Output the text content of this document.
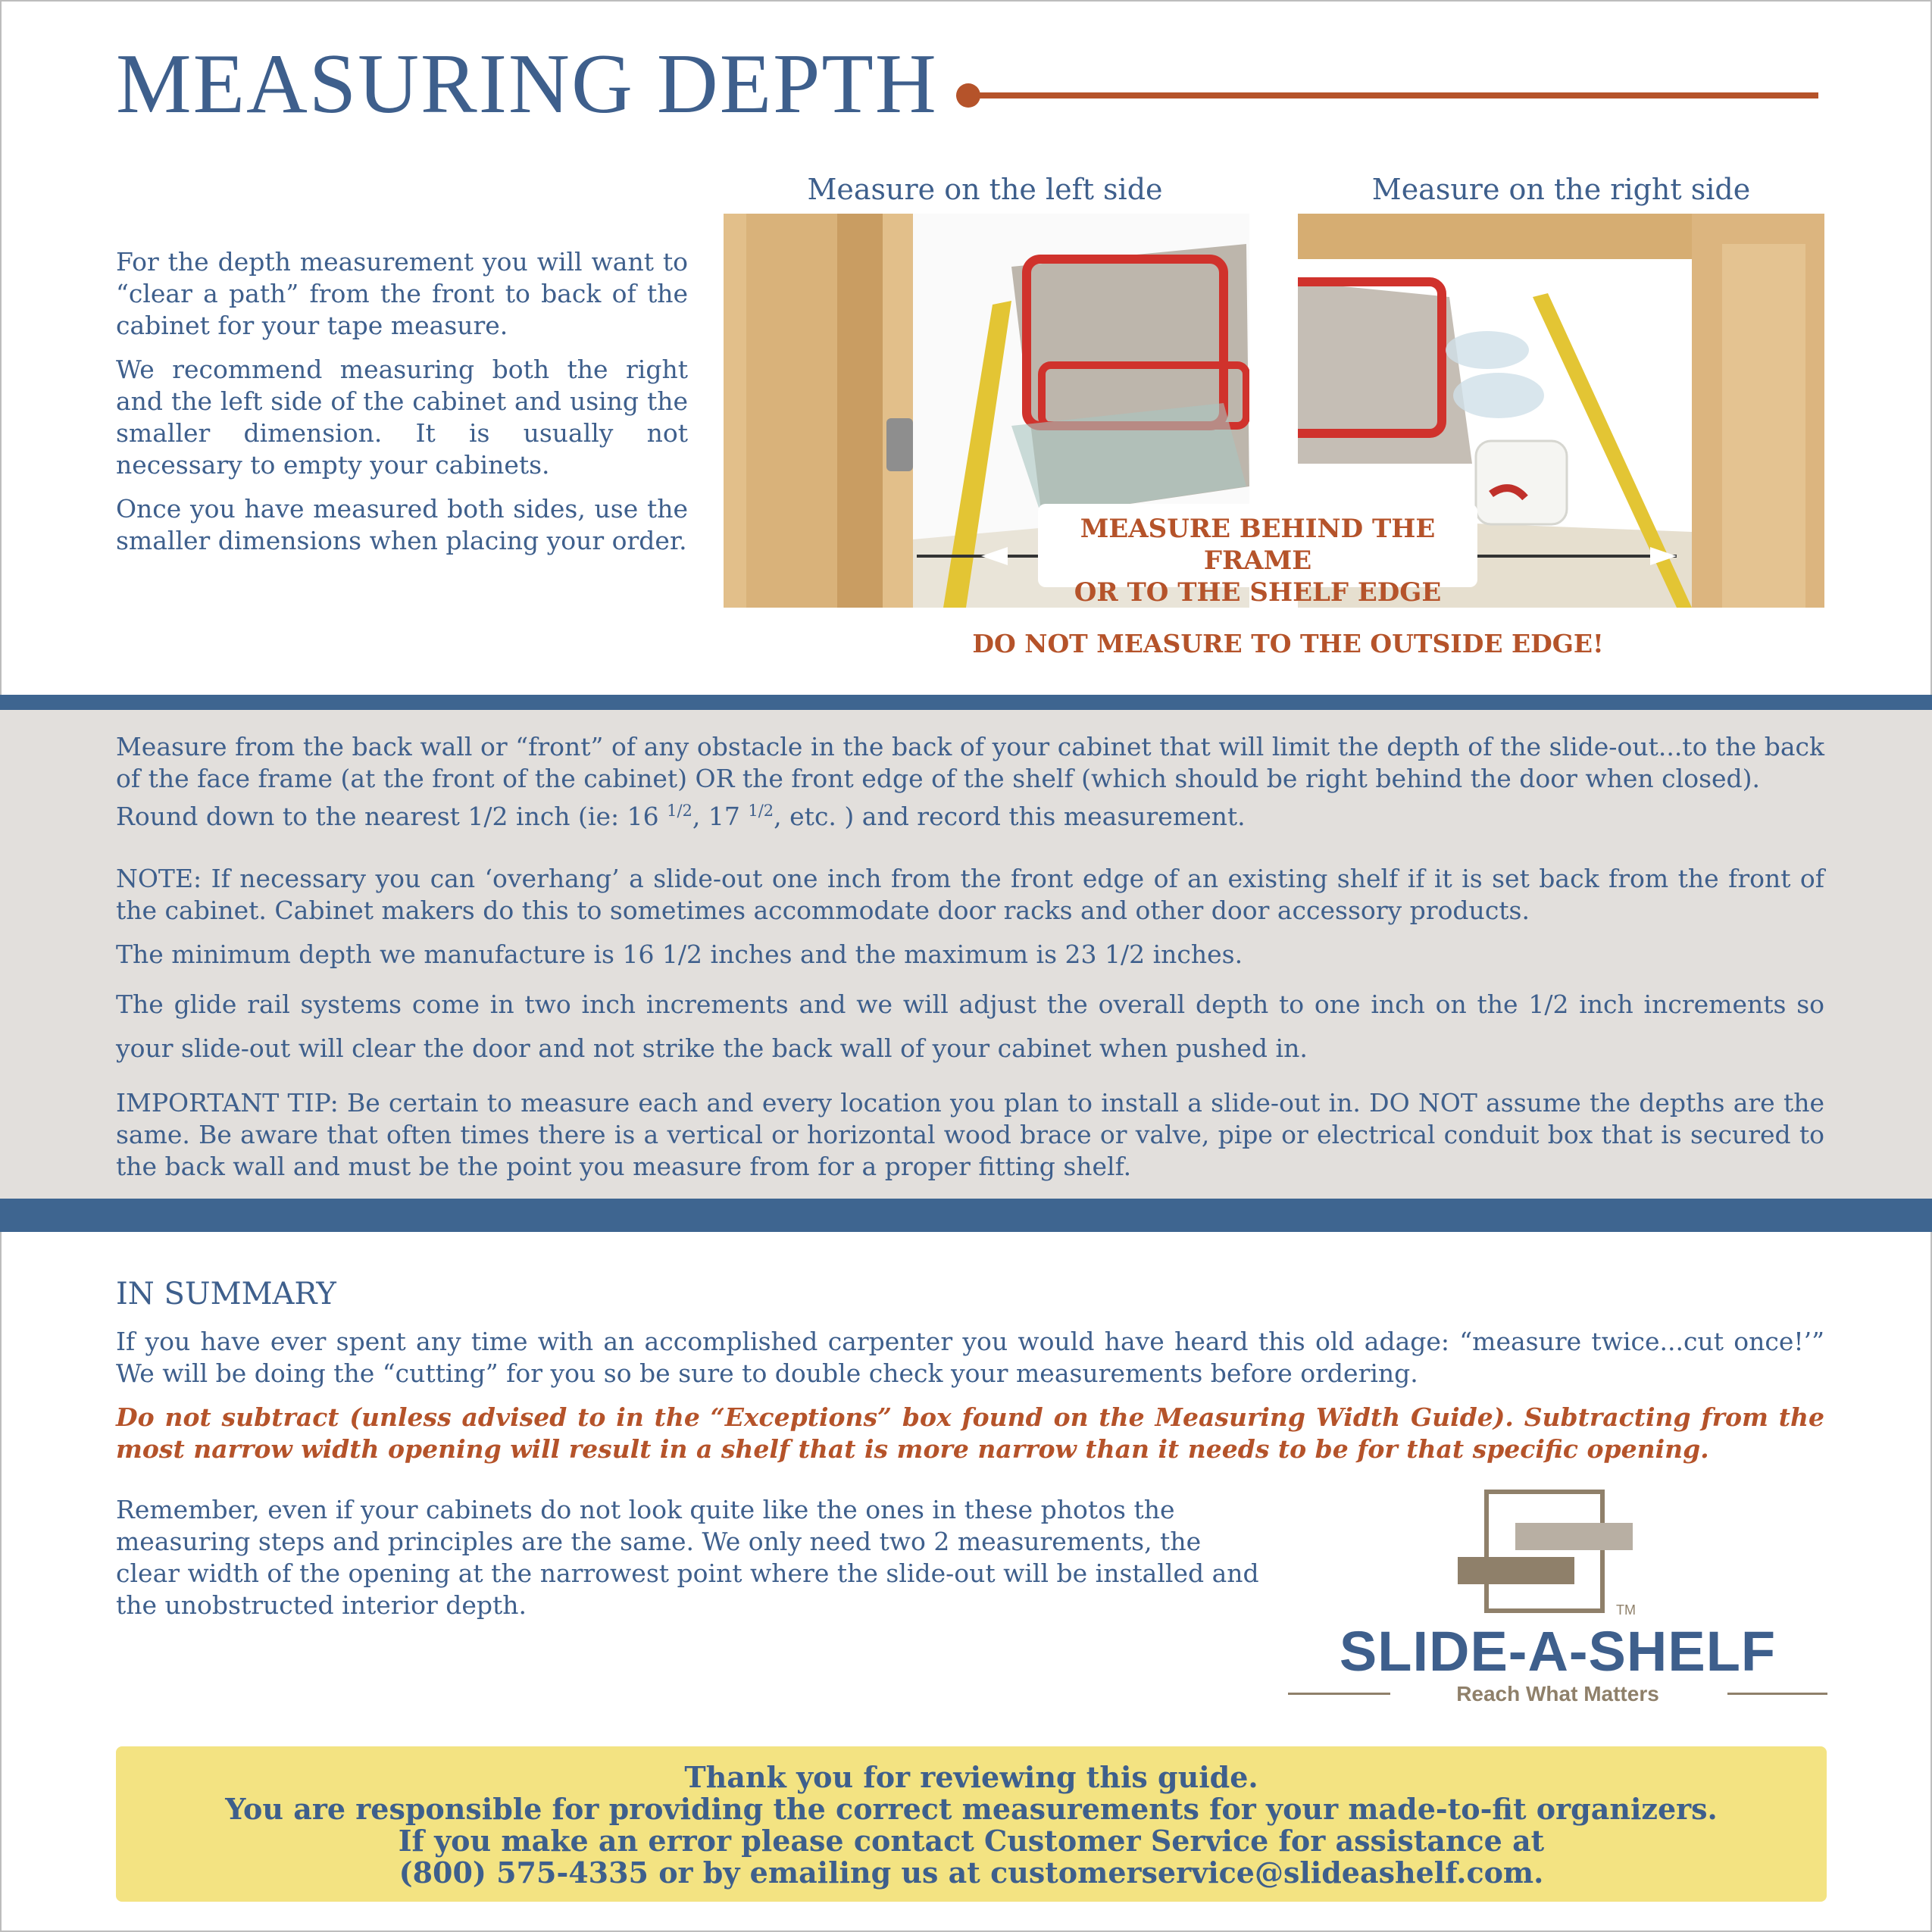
MEASURING DEPTH

For the depth measurement you will want to “clear a path” from the front to back of the cabinet for your tape measure.

We recommend measuring both the right and the left side of the cabinet and using the smaller dimension. It is usually not necessary to empty your cabinets.

Once you have measured both sides, use the smaller dimensions when placing your order.

Measure on the left side	Measure on the right side
MEASURE BEHIND THE FRAME
OR TO THE SHELF EDGE
DO NOT MEASURE TO THE OUTSIDE EDGE!

Measure from the back wall or “front” of any obstacle in the back of your cabinet that will limit the depth of the slide-out...to the back of the face frame (at the front of the cabinet) OR the front edge of the shelf (which should be right behind the door when closed).

Round down to the nearest 1/2 inch (ie: 16 $^{1/2}$, 17 $^{1/2}$, etc. ) and record this measurement.

NOTE: If necessary you can ‘overhang’ a slide-out one inch from the front edge of an existing shelf if it is set back from the front of the cabinet. Cabinet makers do this to sometimes accommodate door racks and other door accessory products.

The minimum depth we manufacture is 16 1/2 inches and the maximum is 23 1/2 inches.

The glide rail systems come in two inch increments and we will adjust the overall depth to one inch on the 1/2 inch increments so your slide-out will clear the door and not strike the back wall of your cabinet when pushed in.

IMPORTANT TIP: Be certain to measure each and every location you plan to install a slide-out in. DO NOT assume the depths are the same. Be aware that often times there is a vertical or horizontal wood brace or valve, pipe or electrical conduit box that is secured to the back wall and must be the point you measure from for a proper fitting shelf.

IN SUMMARY

If you have ever spent any time with an accomplished carpenter you would have heard this old adage: “measure twice...cut once!’” We will be doing the “cutting” for you so be sure to double check your measurements before ordering.

Do not subtract (unless advised to in the “Exceptions” box found on the Measuring Width Guide). Subtracting from the most narrow width opening will result in a shelf that is more narrow than it needs to be for that specific opening.

Remember, even if your cabinets do not look quite like the ones in these photos the measuring steps and principles are the same. We only need two 2 measurements, the clear width of the opening at the narrowest point where the slide-out will be installed and the unobstructed interior depth.	TM
SLIDE-A-SHELF
Reach What Matters
Thank you for reviewing this guide.
You are responsible for providing the correct measurements for your made-to-fit organizers.
If you make an error please contact Customer Service for assistance at
(800) 575-4335 or by emailing us at customerservice@slideashelf.com.
